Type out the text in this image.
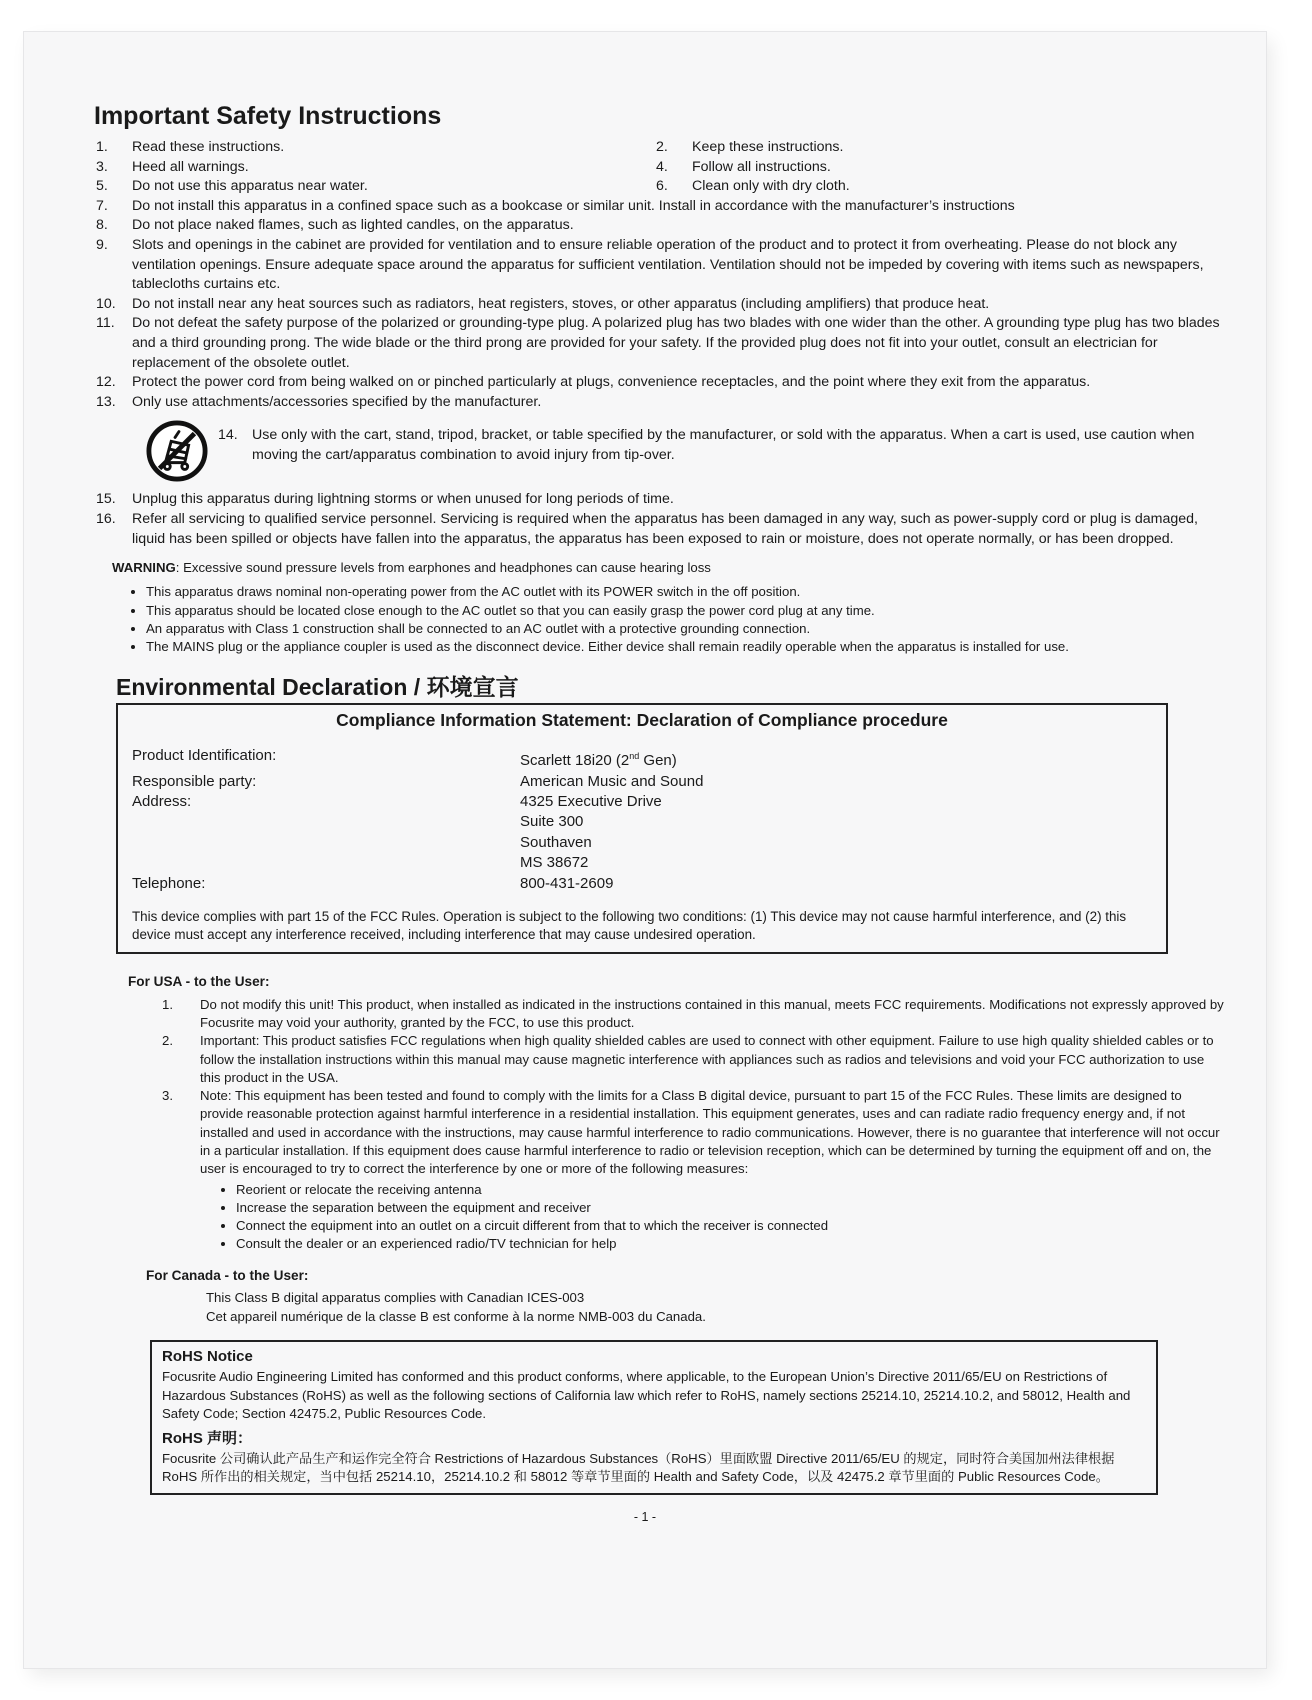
Important Safety Instructions
1.	Read these instructions.
3.	Heed all warnings.
5.	Do not use this apparatus near water.
2.	Keep these instructions.
4.	Follow all instructions.
6.	Clean only with dry cloth.
7.	Do not install this apparatus in a confined space such as a bookcase or similar unit. Install in accordance with the manufacturer’s instructions
8.	Do not place naked flames, such as lighted candles, on the apparatus.
9.	Slots and openings in the cabinet are provided for ventilation and to ensure reliable operation of the product and to protect it from overheating. Please do not block any ventilation openings. Ensure adequate space around the apparatus for sufficient ventilation. Ventilation should not be impeded by covering with items such as newspapers, tablecloths curtains etc.
10.	Do not install near any heat sources such as radiators, heat registers, stoves, or other apparatus (including amplifiers) that produce heat.
11.	Do not defeat the safety purpose of the polarized or grounding-type plug. A polarized plug has two blades with one wider than the other. A grounding type plug has two blades and a third grounding prong. The wide blade or the third prong are provided for your safety. If the provided plug does not fit into your outlet, consult an electrician for replacement of the obsolete outlet.
12.	Protect the power cord from being walked on or pinched particularly at plugs, convenience receptacles, and the point where they exit from the apparatus.
13.	Only use attachments/accessories specified by the manufacturer.
14.	Use only with the cart, stand, tripod, bracket, or table specified by the manufacturer, or sold with the apparatus. When a cart is used, use caution when moving the cart/apparatus combination to avoid injury from tip-over.
15.	Unplug this apparatus during lightning storms or when unused for long periods of time.
16.	Refer all servicing to qualified service personnel. Servicing is required when the apparatus has been damaged in any way, such as power-supply cord or plug is damaged, liquid has been spilled or objects have fallen into the apparatus, the apparatus has been exposed to rain or moisture, does not operate normally, or has been dropped.
WARNING: Excessive sound pressure levels from earphones and headphones can cause hearing loss
• This apparatus draws nominal non-operating power from the AC outlet with its POWER switch in the off position.
• This apparatus should be located close enough to the AC outlet so that you can easily grasp the power cord plug at any time.
• An apparatus with Class 1 construction shall be connected to an AC outlet with a protective grounding connection.
• The MAINS plug or the appliance coupler is used as the disconnect device. Either device shall remain readily operable when the apparatus is installed for use.
Environmental Declaration / 环境宣言
Compliance Information Statement: Declaration of Compliance procedure
Product Identification:	Scarlett 18i20 (2nd Gen)
Responsible party:	American Music and Sound
Address:	4325 Executive Drive
Suite 300
Southaven
MS 38672
Telephone:	800-431-2609
This device complies with part 15 of the FCC Rules. Operation is subject to the following two conditions: (1) This device may not cause harmful interference, and (2) this device must accept any interference received, including interference that may cause undesired operation.
For USA - to the User:
1.	Do not modify this unit! This product, when installed as indicated in the instructions contained in this manual, meets FCC requirements. Modifications not expressly approved by Focusrite may void your authority, granted by the FCC, to use this product.
2.	Important: This product satisfies FCC regulations when high quality shielded cables are used to connect with other equipment. Failure to use high quality shielded cables or to follow the installation instructions within this manual may cause magnetic interference with appliances such as radios and televisions and void your FCC authorization to use this product in the USA.
3.	Note: This equipment has been tested and found to comply with the limits for a Class B digital device, pursuant to part 15 of the FCC Rules. These limits are designed to provide reasonable protection against harmful interference in a residential installation. This equipment generates, uses and can radiate radio frequency energy and, if not installed and used in accordance with the instructions, may cause harmful interference to radio communications. However, there is no guarantee that interference will not occur in a particular installation. If this equipment does cause harmful interference to radio or television reception, which can be determined by turning the equipment off and on, the user is encouraged to try to correct the interference by one or more of the following measures:
• Reorient or relocate the receiving antenna
• Increase the separation between the equipment and receiver
• Connect the equipment into an outlet on a circuit different from that to which the receiver is connected
• Consult the dealer or an experienced radio/TV technician for help
For Canada - to the User:
This Class B digital apparatus complies with Canadian ICES-003
Cet appareil numérique de la classe B est conforme à la norme NMB-003 du Canada.
RoHS Notice
Focusrite Audio Engineering Limited has conformed and this product conforms, where applicable, to the European Union’s Directive 2011/65/EU on Restrictions of Hazardous Substances (RoHS) as well as the following sections of California law which refer to RoHS, namely sections 25214.10, 25214.10.2, and 58012, Health and Safety Code; Section 42475.2, Public Resources Code.
RoHS 声明：
Focusrite 公司确认此产品生产和运作完全符合 Restrictions of Hazardous Substances（RoHS）里面欧盟 Directive 2011/65/EU 的规定，同时符合美国加州法律根据 RoHS 所作出的相关规定，当中包括 25214.10，25214.10.2 和 58012 等章节里面的 Health and Safety Code，以及 42475.2 章节里面的 Public Resources Code。
- 1 -
